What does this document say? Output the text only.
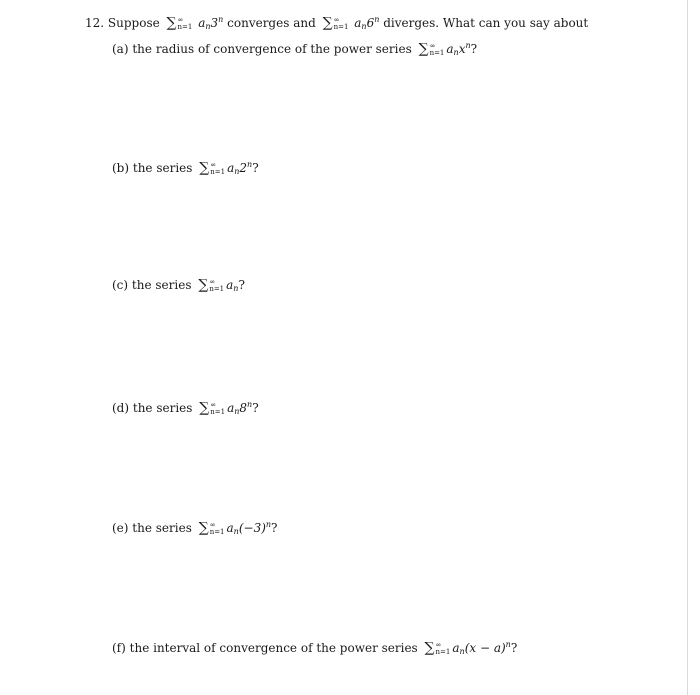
12. Suppose ∑ ∞
n=1 $a_n3^n$ converges and ∑ ∞
n=1 $a_n6^n$ diverges. What can you say about
(a) the radius of convergence of the power series ∑ ∞
n=1 $a_nx^n$?
(b) the series ∑ ∞
n=1 $a_n2^n$?
(c) the series ∑ ∞
n=1 $a_n$?
(d) the series ∑ ∞
n=1 $a_n8^n$?
(e) the series ∑ ∞
n=1 $a_n(-3)^n$?
(f) the interval of convergence of the power series ∑ ∞
n=1 $a_n(x - a)^n$?
